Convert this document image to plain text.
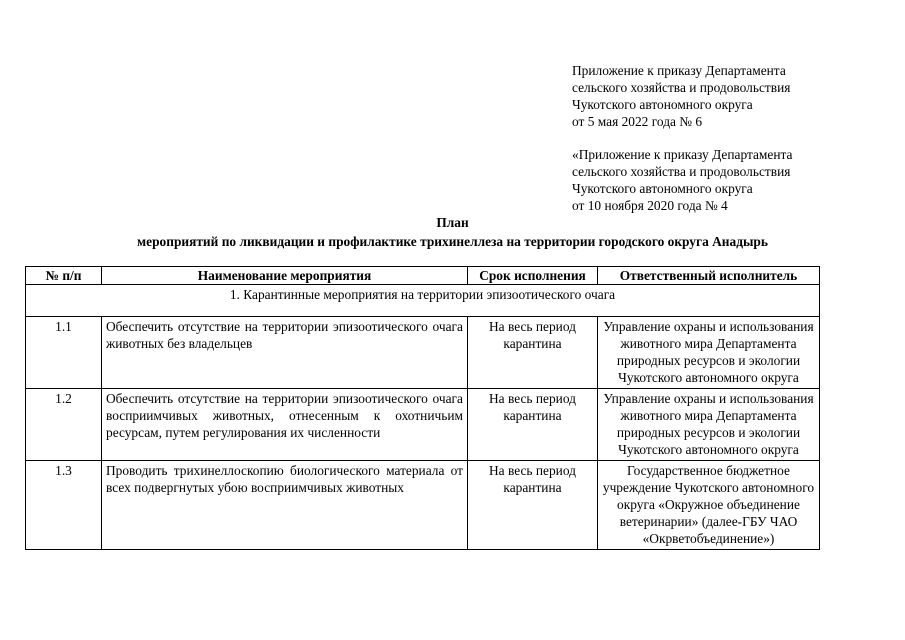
Приложение к приказу Департамента
сельского хозяйства и продовольствия
Чукотского автономного округа
от 5 мая 2022 года № 6
«Приложение к приказу Департамента
сельского хозяйства и продовольствия
Чукотского автономного округа
от 10 ноября 2020 года № 4
План
мероприятий по ликвидации и профилактике трихинеллеза на территории городского округа Анадырь
№ п/п	Наименование мероприятия	Срок исполнения	Ответственный исполнитель
1. Карантинные мероприятия на территории эпизоотического очага			
1.1	Обеспечить отсутствие на территории эпизоотического очага животных без владельцев	На весь период карантина	Управление охраны и использования животного мира Департамента природных ресурсов и экологии Чукотского автономного округа
1.2	Обеспечить отсутствие на территории эпизоотического очага восприимчивых животных, отнесенным к охотничьим ресурсам, путем регулирования их численности	На весь период карантина	Управление охраны и использования животного мира Департамента природных ресурсов и экологии Чукотского автономного округа
1.3	Проводить трихинеллоскопию биологического материала от всех подвергнутых убою восприимчивых животных	На весь период карантина	Государственное бюджетное учреждение Чукотского автономного округа «Окружное объединение ветеринарии» (далее-ГБУ ЧАО «Окрветобъединение»)
